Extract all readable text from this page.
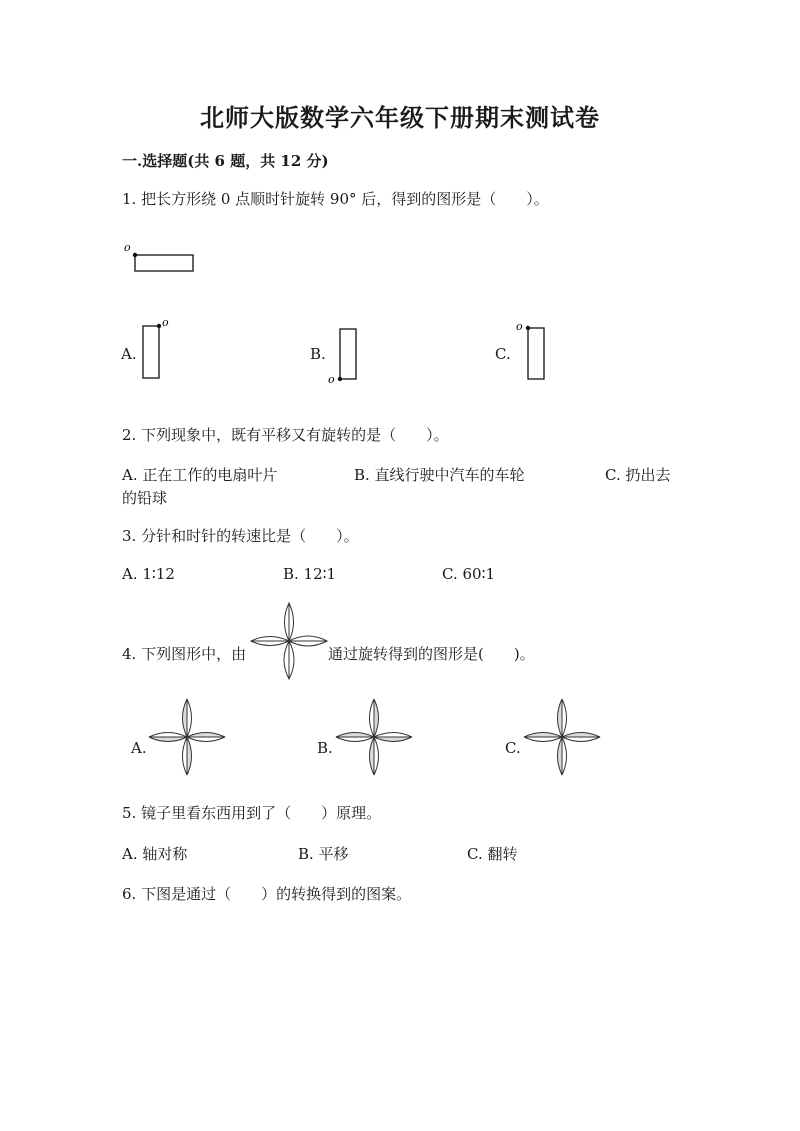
北师大版数学六年级下册期末测试卷
一.选择题(共 6 题，共 12 分)
1. 把长方形绕 0 点顺时针旋转 90° 后，得到的图形是（　　）。
o
A.
o
B.
o
C.
o
2. 下列现象中，既有平移又有旋转的是（　　）。
A. 正在工作的电扇叶片	B. 直线行驶中汽车的车轮	C. 扔出去
的铅球
3. 分针和时针的转速比是（　　）。
A. 1∶12	B. 12∶1	C. 60∶1
4. 下列图形中，由	通过旋转得到的图形是(　　)。
A.	B.	C.
5. 镜子里看东西用到了（　　）原理。
A. 轴对称	B. 平移	C. 翻转
6. 下图是通过（　　）的转换得到的图案。
